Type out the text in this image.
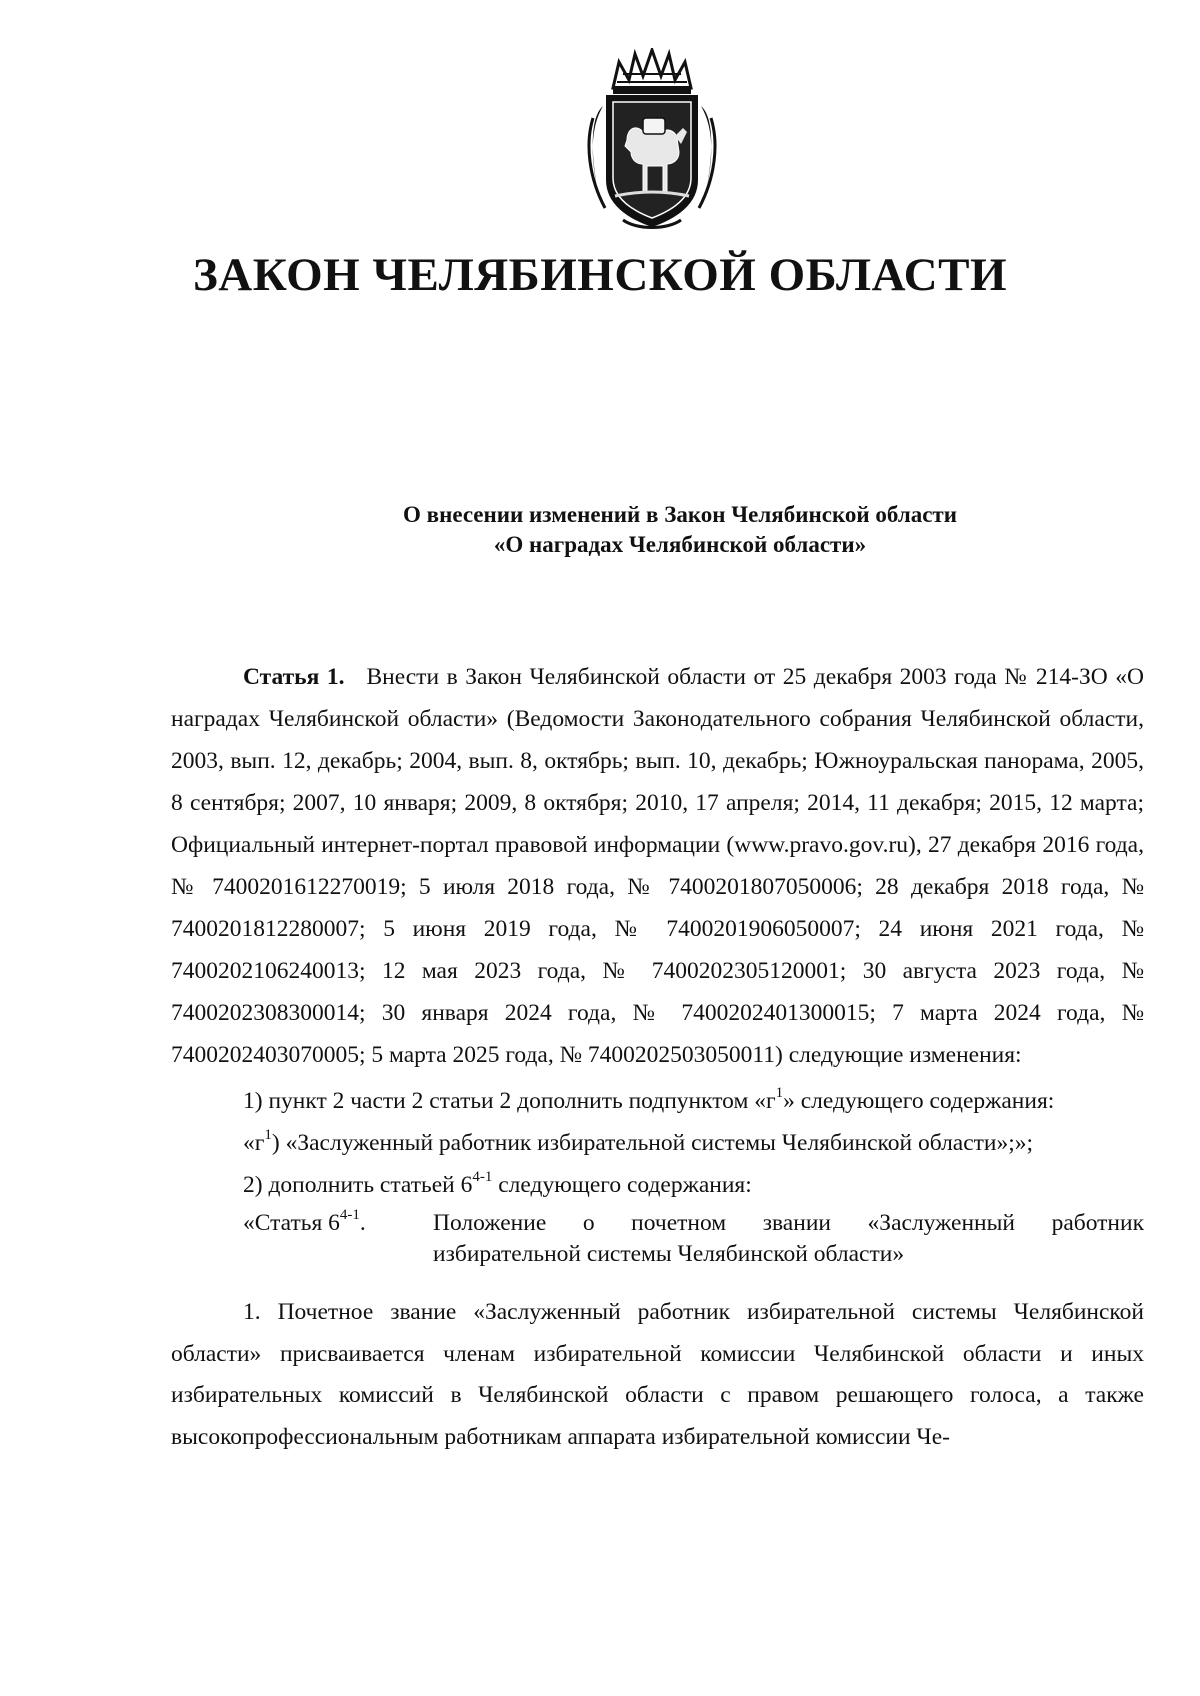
ЗАКОН ЧЕЛЯБИНСКОЙ ОБЛАСТИ
О внесении изменений в Закон Челябинской области
«О наградах Челябинской области»

Статья 1. Внести в Закон Челябинской области от 25 декабря 2003 года № 214-ЗО «О наградах Челябинской области» (Ведомости Законодательного собрания Челябинской области, 2003, вып. 12, декабрь; 2004, вып. 8, октябрь; вып. 10, декабрь; Южноуральская панорама, 2005, 8 сентября; 2007, 10 января; 2009, 8 октября; 2010, 17 апреля; 2014, 11 декабря; 2015, 12 марта; Официальный интернет-портал правовой информации (www.pravo.gov.ru), 27 декабря 2016 года, № 7400201612270019; 5 июля 2018 года, № 7400201807050006; 28 декабря 2018 года, № 7400201812280007; 5 июня 2019 года, № 7400201906050007; 24 июня 2021 года, № 7400202106240013; 12 мая 2023 года, № 7400202305120001; 30 августа 2023 года, № 7400202308300014; 30 января 2024 года, № 7400202401300015; 7 марта 2024 года, № 7400202403070005; 5 марта 2025 года, № 7400202503050011) следующие изменения:

1) пункт 2 части 2 статьи 2 дополнить подпунктом «$г^1$» следующего содержания:

«$г^1$) «Заслуженный работник избирательной системы Челябинской области»;»;

2) дополнить статьей 6$^{4-1}$ следующего содержания:

«Статья 6$^{4-1}$.	Положение о почетном звании «Заслуженный работник избирательной системы Челябинской области»

1. Почетное звание «Заслуженный работник избирательной системы Челябинской области» присваивается членам избирательной комиссии Челябинской области и иных избирательных комиссий в Челябинской области с правом решающего голоса, а также высокопрофессиональным работникам аппарата избирательной комиссии Че-
